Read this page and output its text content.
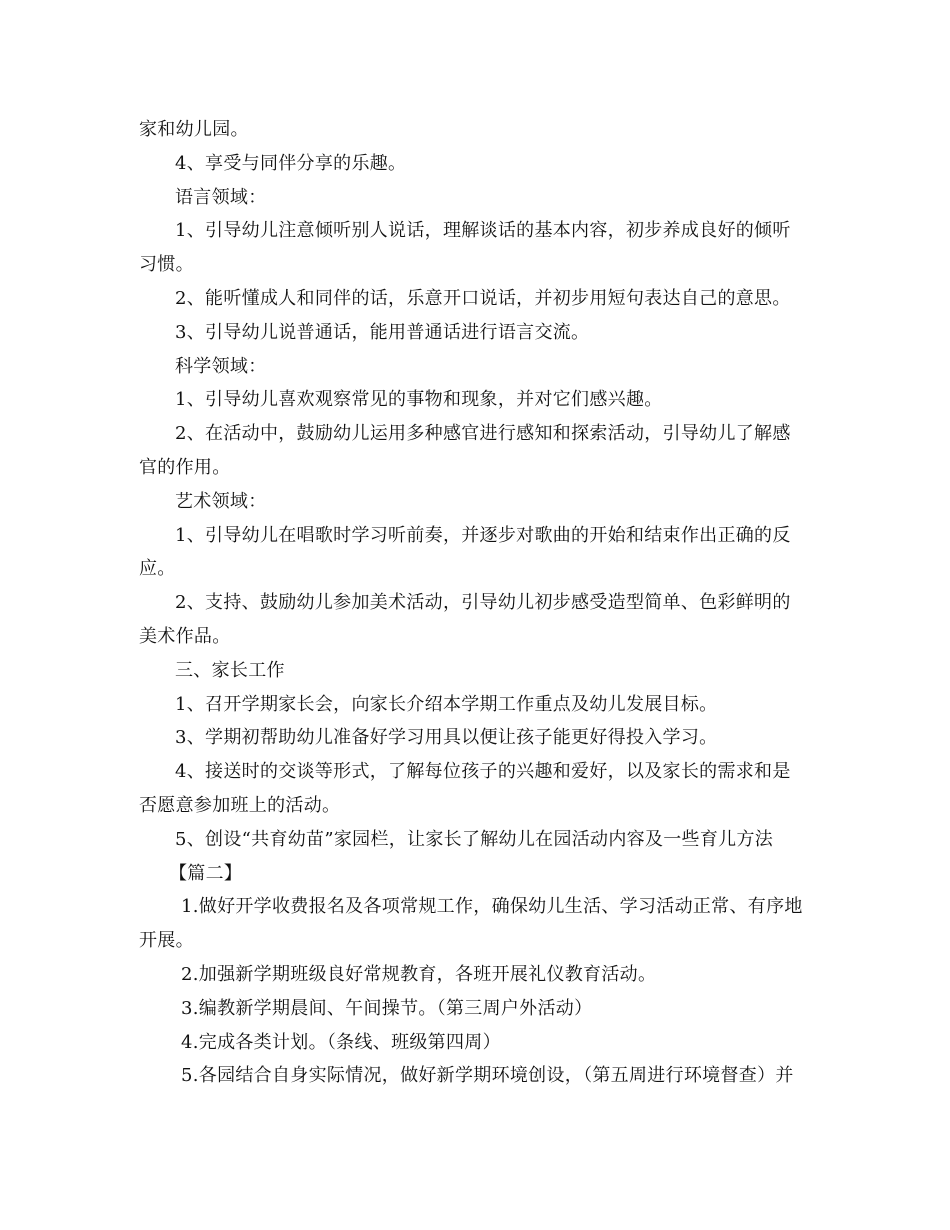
家和幼儿园。

4、享受与同伴分享的乐趣。

语言领域：

1、引导幼儿注意倾听别人说话，理解谈话的基本内容，初步养成良好的倾听

习惯。

2、能听懂成人和同伴的话，乐意开口说话，并初步用短句表达自己的意思。

3、引导幼儿说普通话，能用普通话进行语言交流。

科学领域：

1、引导幼儿喜欢观察常见的事物和现象，并对它们感兴趣。

2、在活动中，鼓励幼儿运用多种感官进行感知和探索活动，引导幼儿了解感

官的作用。

艺术领域：

1、引导幼儿在唱歌时学习听前奏，并逐步对歌曲的开始和结束作出正确的反

应。

2、支持、鼓励幼儿参加美术活动，引导幼儿初步感受造型简单、色彩鲜明的

美术作品。

三、家长工作

1、召开学期家长会，向家长介绍本学期工作重点及幼儿发展目标。

3、学期初帮助幼儿准备好学习用具以便让孩子能更好得投入学习。

4、接送时的交谈等形式，了解每位孩子的兴趣和爱好，以及家长的需求和是

否愿意参加班上的活动。

5、创设“共育幼苗”家园栏，让家长了解幼儿在园活动内容及一些育儿方法

【篇二】

1.做好开学收费报名及各项常规工作，确保幼儿生活、学习活动正常、有序地

开展。

2.加强新学期班级良好常规教育，各班开展礼仪教育活动。

3.编教新学期晨间、午间操节。（第三周户外活动）

4.完成各类计划。（条线、班级第四周）

5.各园结合自身实际情况，做好新学期环境创设，（第五周进行环境督查）并
